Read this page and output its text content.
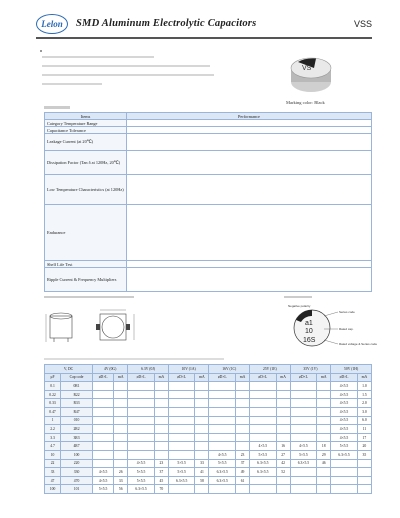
Lelon SMD Aluminum Electrolytic Capacitors	VSS
VS
Marking color: Black
Items	Performance
Category Temperature Range	
Capacitance Tolerance	
Leakage Current (at 20℃)	
Dissipation Factor (Tan δ at 120Hz, 20℃)	
Low Temperature Characteristics (at 120Hz)	
Endurance	
Shelf Life Test	
Ripple Current & Frequency Multipliers	
a1
10
16S
Negative polarity
Series code
Rated cap.
Rated voltage & Series code
V, DC		4V (0G)		6.3V (0J)		10V (1A)		16V (1C)		25V (1E)		35V (1V)		50V (1H)	
μF	Cap code	øD×L	mA	øD×L	mA	øD×L	mA	øD×L	mA	øD×L	mA	øD×L	mA	øD×L	mA
0.1	0R1													4×5.5	1.0
0.22	R22													4×5.5	1.5
0.33	R33													4×5.5	2.0
0.47	R47													4×5.5	3.0
1	010													4×5.5	6.0
2.2	2R2													4×5.5	11
3.3	3R3													4×5.5	17
4.7	4R7									4×5.5	16	4×5.5	18	5×5.5	20
10	100							4×5.5	23	5×5.5	27	5×5.5	29	6.3×5.5	35
22	220			4×5.5	23	5×5.5	33	5×5.5	37	6.3×5.5	42	6.3×5.5	46		
33	330	4×5.5	26	5×5.5	37	5×5.5	41	6.3×5.5	49	6.3×5.5	52				
47	470	4×5.5	33	5×5.5	45	6.3×5.5	58	6.3×5.5	61						
100	101	5×5.5	56	6.3×5.5	70										
